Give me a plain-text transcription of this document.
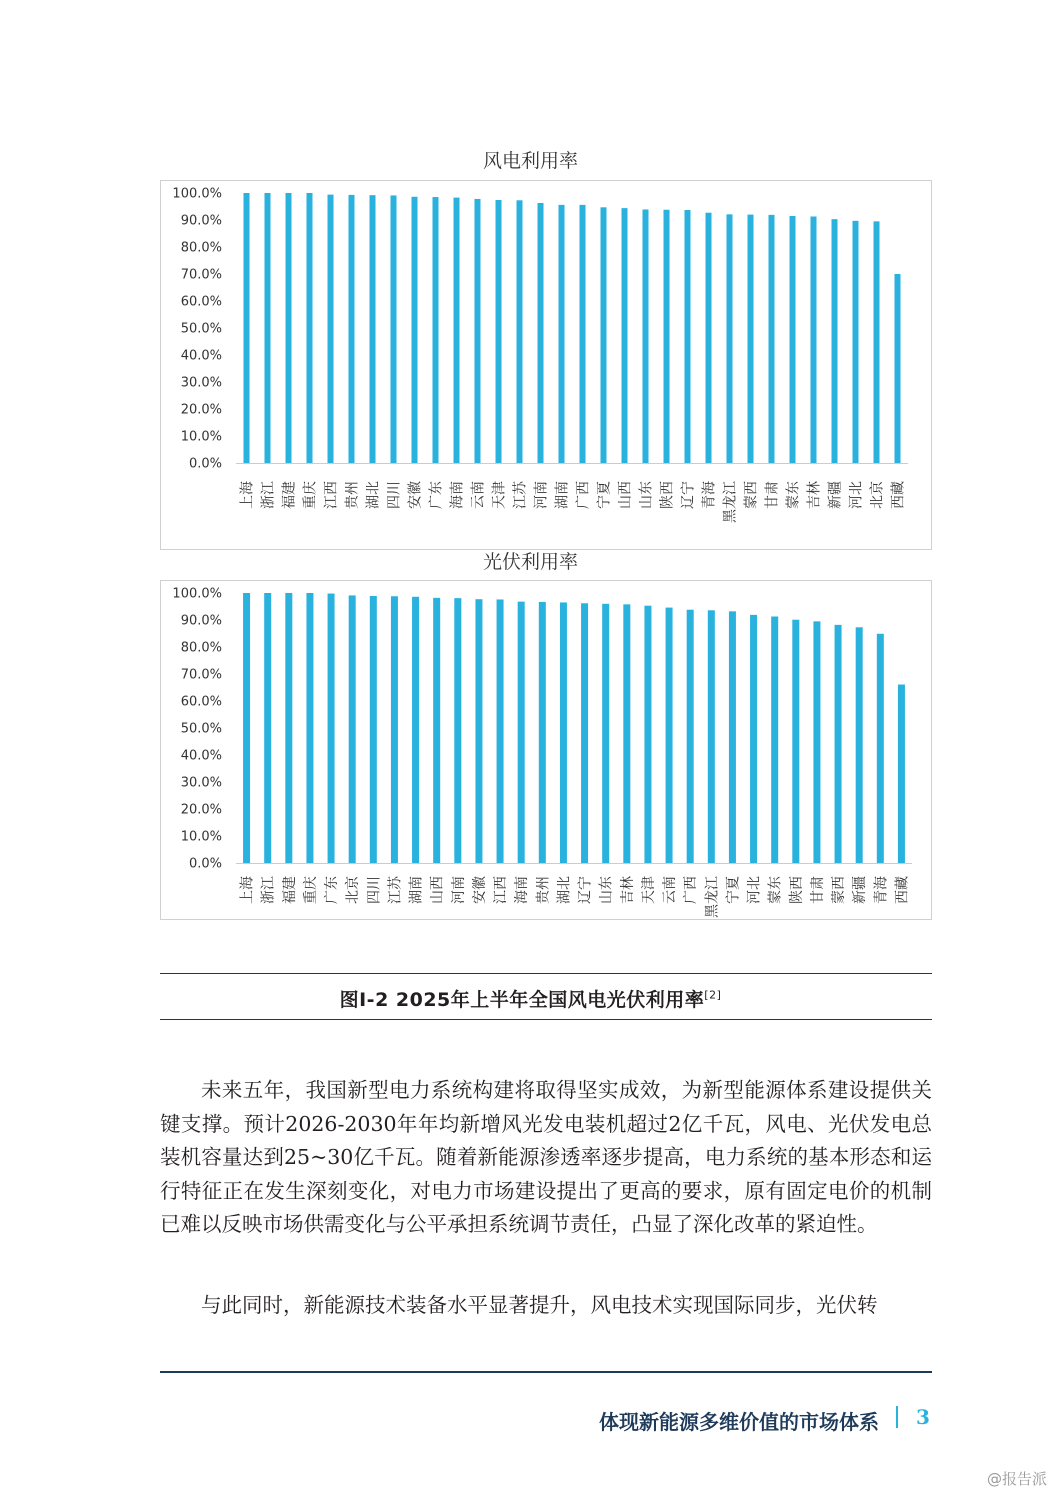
风电利用率
0.0%
10.0%
20.0%
30.0%
40.0%
50.0%
60.0%
70.0%
80.0%
90.0%
100.0%
上海 浙江 福建 重庆 江西 贵州 湖北 四川 安徽 广东 海南 云南 天津 江苏 河南 湖南 广西 宁夏 山西 山东 陕西 辽宁 青海 黑龙江 蒙西 甘肃 蒙东 吉林 新疆 河北 北京 西藏
光伏利用率
0.0%
10.0%
20.0%
30.0%
40.0%
50.0%
60.0%
70.0%
80.0%
90.0%
100.0%
上海 浙江 福建 重庆 广东 北京 四川 江苏 湖南 山西 河南 安徽 江西 海南 贵州 湖北 辽宁 山东 吉林 天津 云南 广西 黑龙江 宁夏 河北 蒙东 陕西 甘肃 蒙西 新疆 青海 西藏
图I-2 2025年上半年全国风电光伏利用率[2]
未来五年，我国新型电力系统构建将取得坚实成效，为新型能源体系建设提供关键支撑。预计2026-2030年年均新增风光发电装机超过2亿千瓦，风电、光伏发电总装机容量达到25~30亿千瓦。随着新能源渗透率逐步提高，电力系统的基本形态和运行特征正在发生深刻变化，对电力市场建设提出了更高的要求，原有固定电价的机制已难以反映市场供需变化与公平承担系统调节责任，凸显了深化改革的紧迫性。
与此同时，新能源技术装备水平显著提升，风电技术实现国际同步，光伏转
体现新能源多维价值的市场体系 3
@报告派
